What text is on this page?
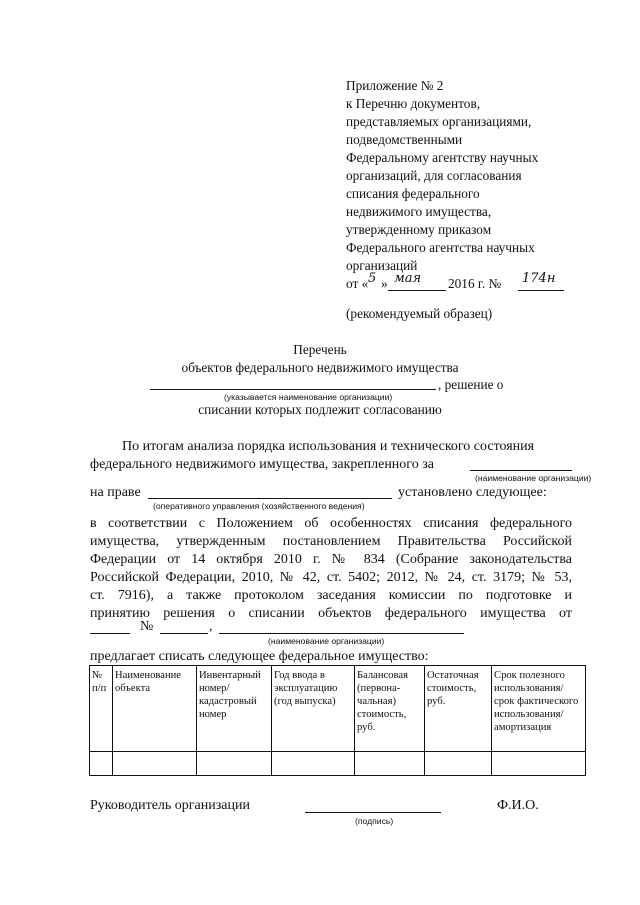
Приложение № 2
к Перечню документов,
представляемых организациями,
подведомственными
Федеральному агентству научных
организаций, для согласования
списания федерального
недвижимого имущества,
утвержденному приказом
Федерального агентства научных
организаций
от « 5 » мая 2016 г. № 174н
(рекомендуемый образец)
Перечень
объектов федерального недвижимого имущества
, решение о
(указывается наименование организации)
списании которых подлежит согласованию
По итогам анализа порядка использования и технического состояния
федерального недвижимого имущества, закрепленного за
(наименование организации)
на праве	установлено следующее:
(оперативного управления (хозяйственного ведения)
в соответствии с Положением об особенностях списания федерального
имущества, утвержденным постановлением Правительства Российской
Федерации от 14 октября 2010 г. № 834 (Собрание законодательства
Российской Федерации, 2010, № 42, ст. 5402; 2012, № 24, ст. 3179; № 53,
ст. 7916), а также протоколом заседания комиссии по подготовке и
принятию решения о списании объектов федерального имущества от
№	,
(наименование организации)
предлагает списать следующее федеральное имущество:
№ п/п	Наименование объекта	Инвентарный номер/ кадастровый номер	Год ввода в эксплуатацию (год выпуска)	Балансовая (первона- чальная) стоимость, руб.	Остаточная стоимость, руб.	Срок полезного использования/ срок фактического использования/ амортизация

Руководитель организации
(подпись)
Ф.И.О.
